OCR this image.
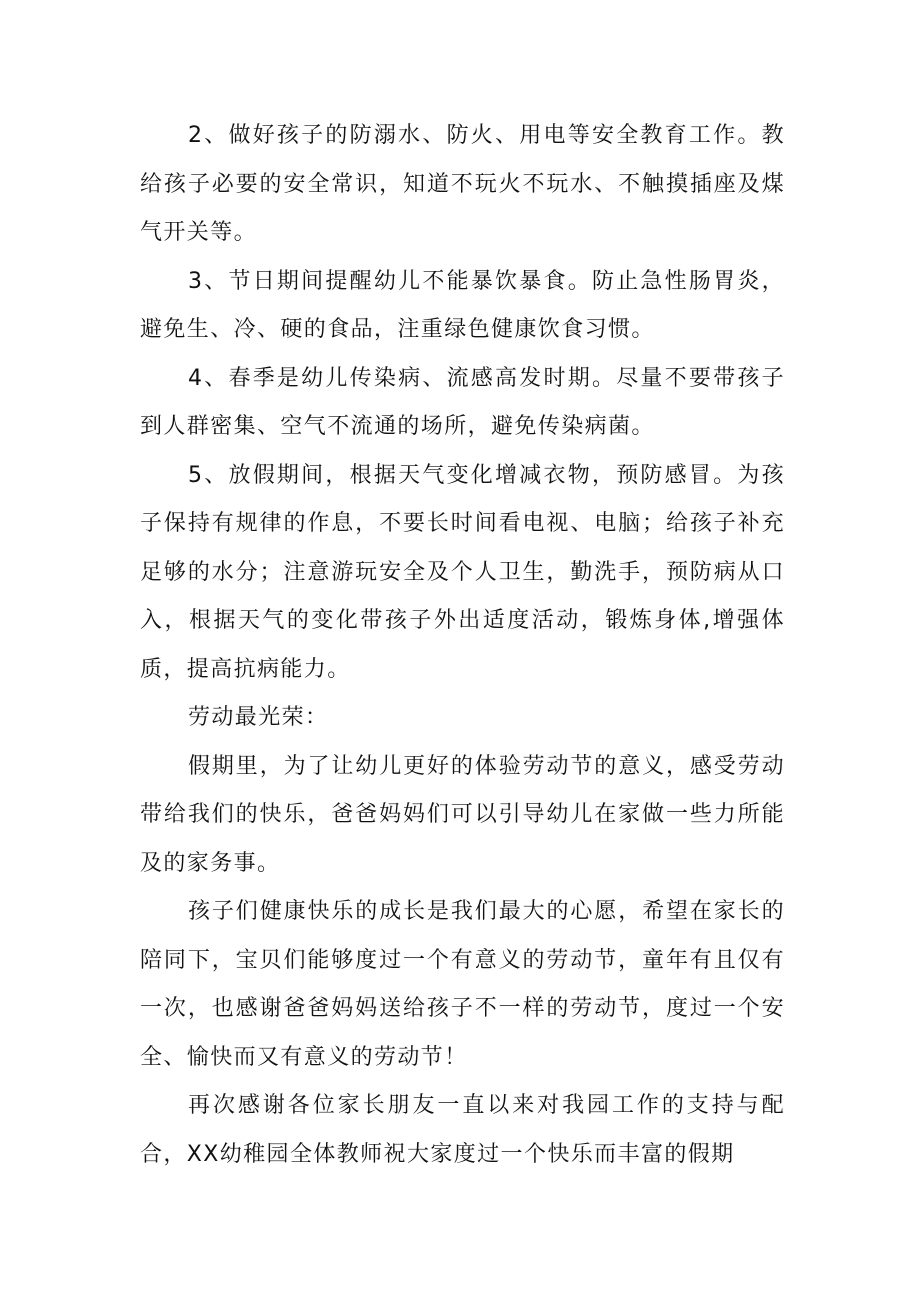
2、做好孩子的防溺水、防火、用电等安全教育工作。教给孩子必要的安全常识，知道不玩火不玩水、不触摸插座及煤气开关等。

3、节日期间提醒幼儿不能暴饮暴食。防止急性肠胃炎，避免生、冷、硬的食品，注重绿色健康饮食习惯。

4、春季是幼儿传染病、流感高发时期。尽量不要带孩子到人群密集、空气不流通的场所，避免传染病菌。

5、放假期间，根据天气变化增减衣物，预防感冒。为孩子保持有规律的作息，不要长时间看电视、电脑；给孩子补充足够的水分；注意游玩安全及个人卫生，勤洗手，预防病从口入，根据天气的变化带孩子外出适度活动，锻炼身体,增强体质，提高抗病能力。

劳动最光荣：

假期里，为了让幼儿更好的体验劳动节的意义，感受劳动带给我们的快乐，爸爸妈妈们可以引导幼儿在家做一些力所能及的家务事。

孩子们健康快乐的成长是我们最大的心愿，希望在家长的陪同下，宝贝们能够度过一个有意义的劳动节，童年有且仅有一次，也感谢爸爸妈妈送给孩子不一样的劳动节，度过一个安全、愉快而又有意义的劳动节！

再次感谢各位家长朋友一直以来对我园工作的支持与配合，XX幼稚园全体教师祝大家度过一个快乐而丰富的假期
